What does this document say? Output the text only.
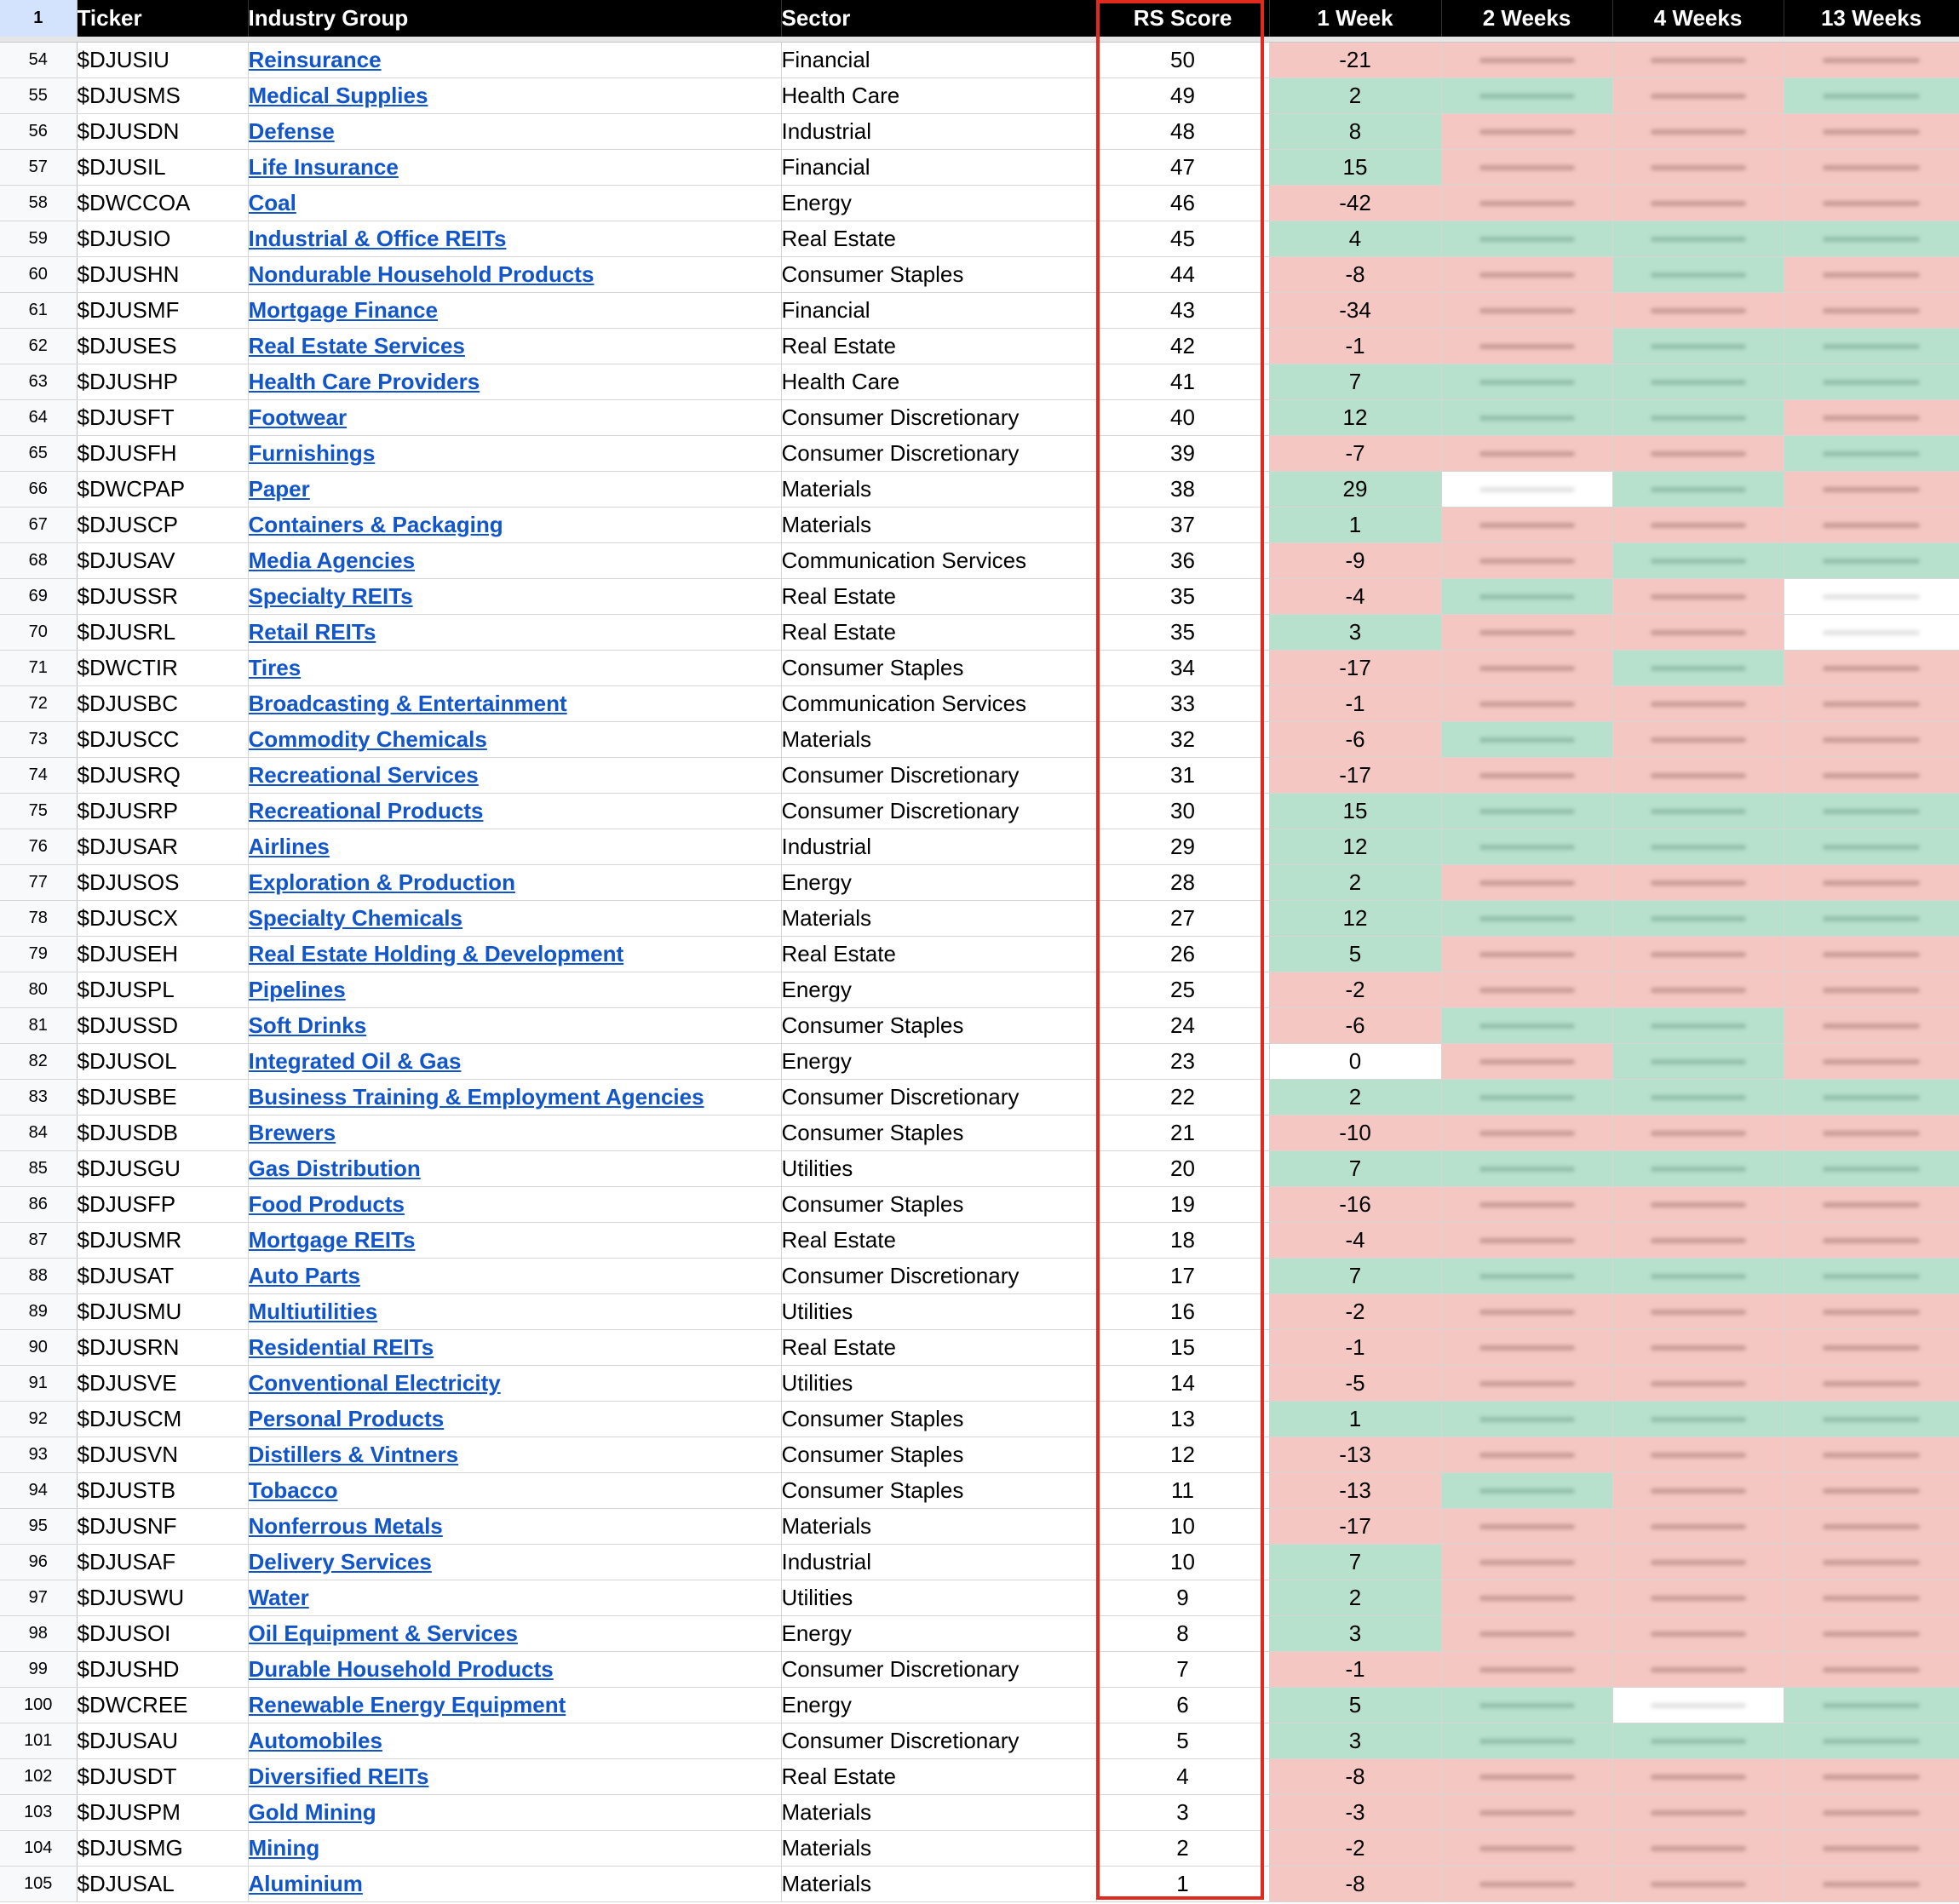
1	Ticker	Industry Group	Sector	RS Score	1 Week	2 Weeks	4 Weeks	13 Weeks

54	$DJUSIU	Reinsurance	Financial	50	-21	

55	$DJUSMS	Medical Supplies	Health Care	49	2	

56	$DJUSDN	Defense	Industrial	48	8	

57	$DJUSIL	Life Insurance	Financial	47	15	

58	$DWCCOA	Coal	Energy	46	-42	

59	$DJUSIO	Industrial & Office REITs	Real Estate	45	4	

60	$DJUSHN	Nondurable Household Products	Consumer Staples	44	-8	

61	$DJUSMF	Mortgage Finance	Financial	43	-34	

62	$DJUSES	Real Estate Services	Real Estate	42	-1	

63	$DJUSHP	Health Care Providers	Health Care	41	7	

64	$DJUSFT	Footwear	Consumer Discretionary	40	12	

65	$DJUSFH	Furnishings	Consumer Discretionary	39	-7	

66	$DWCPAP	Paper	Materials	38	29	

67	$DJUSCP	Containers & Packaging	Materials	37	1	

68	$DJUSAV	Media Agencies	Communication Services	36	-9	

69	$DJUSSR	Specialty REITs	Real Estate	35	-4	

70	$DJUSRL	Retail REITs	Real Estate	35	3	

71	$DWCTIR	Tires	Consumer Staples	34	-17	

72	$DJUSBC	Broadcasting & Entertainment	Communication Services	33	-1	

73	$DJUSCC	Commodity Chemicals	Materials	32	-6	

74	$DJUSRQ	Recreational Services	Consumer Discretionary	31	-17	

75	$DJUSRP	Recreational Products	Consumer Discretionary	30	15	

76	$DJUSAR	Airlines	Industrial	29	12	

77	$DJUSOS	Exploration & Production	Energy	28	2	

78	$DJUSCX	Specialty Chemicals	Materials	27	12	

79	$DJUSEH	Real Estate Holding & Development	Real Estate	26	5	

80	$DJUSPL	Pipelines	Energy	25	-2	

81	$DJUSSD	Soft Drinks	Consumer Staples	24	-6	

82	$DJUSOL	Integrated Oil & Gas	Energy	23	0	

83	$DJUSBE	Business Training & Employment Agencies	Consumer Discretionary	22	2	

84	$DJUSDB	Brewers	Consumer Staples	21	-10	

85	$DJUSGU	Gas Distribution	Utilities	20	7	

86	$DJUSFP	Food Products	Consumer Staples	19	-16	

87	$DJUSMR	Mortgage REITs	Real Estate	18	-4	

88	$DJUSAT	Auto Parts	Consumer Discretionary	17	7	

89	$DJUSMU	Multiutilities	Utilities	16	-2	

90	$DJUSRN	Residential REITs	Real Estate	15	-1	

91	$DJUSVE	Conventional Electricity	Utilities	14	-5	

92	$DJUSCM	Personal Products	Consumer Staples	13	1	

93	$DJUSVN	Distillers & Vintners	Consumer Staples	12	-13	

94	$DJUSTB	Tobacco	Consumer Staples	11	-13	

95	$DJUSNF	Nonferrous Metals	Materials	10	-17	

96	$DJUSAF	Delivery Services	Industrial	10	7	

97	$DJUSWU	Water	Utilities	9	2	

98	$DJUSOI	Oil Equipment & Services	Energy	8	3	

99	$DJUSHD	Durable Household Products	Consumer Discretionary	7	-1	

100	$DWCREE	Renewable Energy Equipment	Energy	6	5	

101	$DJUSAU	Automobiles	Consumer Discretionary	5	3	

102	$DJUSDT	Diversified REITs	Real Estate	4	-8	

103	$DJUSPM	Gold Mining	Materials	3	-3	

104	$DJUSMG	Mining	Materials	2	-2	

105	$DJUSAL	Aluminium	Materials	1	-8	
